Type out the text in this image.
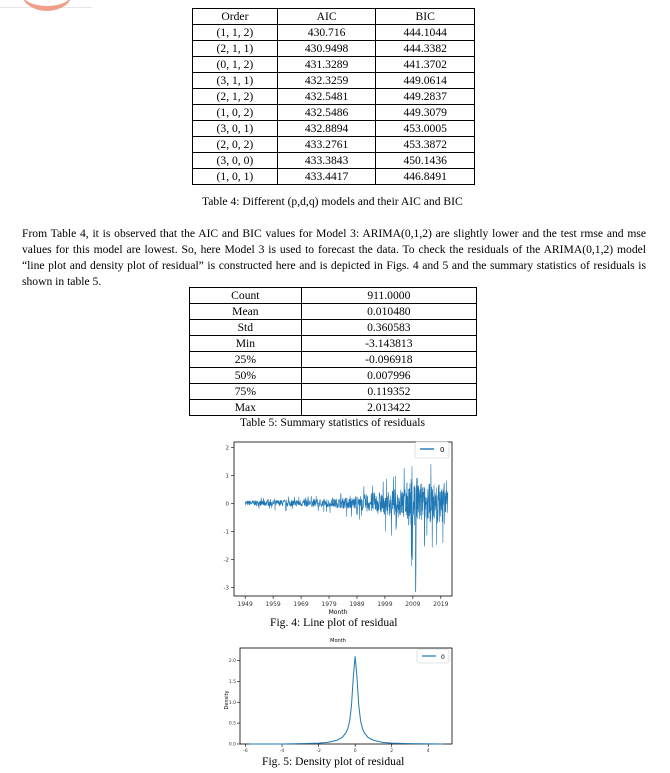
Order	AIC	BIC
(1, 1, 2)	430.716	444.1044
(2, 1, 1)	430.9498	444.3382
(0, 1, 2)	431.3289	441.3702
(3, 1, 1)	432.3259	449.0614
(2, 1, 2)	432.5481	449.2837
(1, 0, 2)	432.5486	449.3079
(3, 0, 1)	432.8894	453.0005
(2, 0, 2)	433.2761	453.3872
(3, 0, 0)	433.3843	450.1436
(1, 0, 1)	433.4417	446.8491
Table 4: Different (p,d,q) models and their AIC and BIC
From Table 4, it is observed that the AIC and BIC values for Model 3: ARIMA(0,1,2) are slightly lower and the test rmse and mse values for this model are lowest. So, here Model 3 is used to forecast the data. To check the residuals of the ARIMA(0,1,2) model “line plot and density plot of residual” is constructed here and is depicted in Figs. 4 and 5 and the summary statistics of residuals is shown in table 5.
Count	911.0000
Mean	0.010480
Std	0.360583
Min	-3.143813
25%	-0.096918
50%	0.007996
75%	0.119352
Max	2.013422
Table 5: Summary statistics of residuals
1949 1959 1969 1979 1989 1999 2009 2019
2
1
0
-1
-2
-3
0
Month
Fig. 4: Line plot of residual
Month
-6	-4	-2	0	2	4
0.0
0.5
1.0
1.5
2.0
0
Density
Fig. 5: Density plot of residual
